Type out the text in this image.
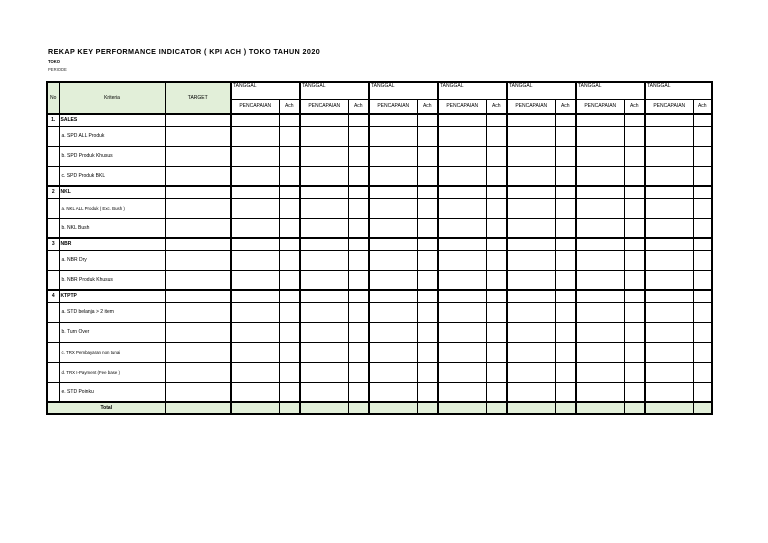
REKAP KEY PERFORMANCE INDICATOR ( KPI ACH ) TOKO TAHUN 2020
TOKO
PERIODE
No	Kriteria	TARGET	TANGGAL		TANGGAL		TANGGAL		TANGGAL		TANGGAL		TANGGAL		TANGGAL	
			PENCAPAIAN	Ach	PENCAPAIAN	Ach	PENCAPAIAN	Ach	PENCAPAIAN	Ach	PENCAPAIAN	Ach	PENCAPAIAN	Ach	PENCAPAIAN	Ach
1.	SALES															
	a. SPD ALL Produk															
	b. SPD Produk Khusus															
	c. SPD Produk BKL															
2	NKL															
	a. NKL ALL Produk ( Exc. Bush )															
	b. NKL Bush															
3	NBR															
	a. NBR Dry															
	b. NBR Produk Khusus															
4	KTPTP															
	a. STD belanja > 2 item															
	b. Turn Over															
	c. TRX Pembayaran non tunai															
	d. TRX I-Payment (Fee base )															
	e. STD Poinku															
Total																
